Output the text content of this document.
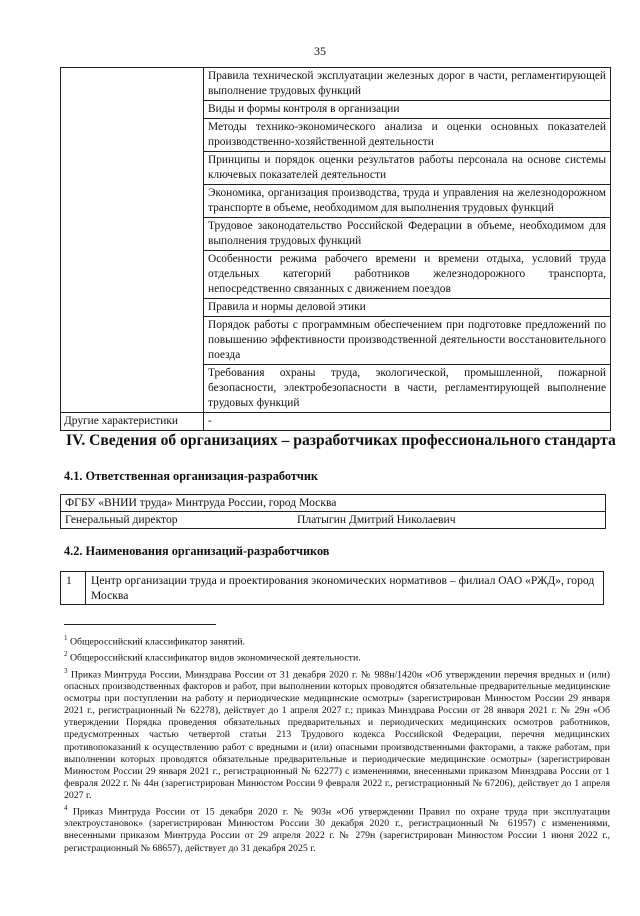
35
	Правила технической эксплуатации железных дорог в части, регламентирующей выполнение трудовых функций
	Виды и формы контроля в организации
	Методы технико-экономического анализа и оценки основных показателей производственно-хозяйственной деятельности
	Принципы и порядок оценки результатов работы персонала на основе системы ключевых показателей деятельности
	Экономика, организация производства, труда и управления на железнодорожном транспорте в объеме, необходимом для выполнения трудовых функций
	Трудовое законодательство Российской Федерации в объеме, необходимом для выполнения трудовых функций
	Особенности режима рабочего времени и времени отдыха, условий труда отдельных категорий работников железнодорожного транспорта, непосредственно связанных с движением поездов
	Правила и нормы деловой этики
	Порядок работы с программным обеспечением при подготовке предложений по повышению эффективности производственной деятельности восстановительного поезда
	Требования охраны труда, экологической, промышленной, пожарной безопасности, электробезопасности в части, регламентирующей выполнение трудовых функций
Другие характеристики	-
IV. Сведения об организациях – разработчиках профессионального стандарта
4.1. Ответственная организация-разработчик
ФГБУ «ВНИИ труда» Минтруда России, город Москва
Генеральный директор	Платыгин Дмитрий Николаевич
4.2. Наименования организаций-разработчиков
1	Центр организации труда и проектирования экономических нормативов – филиал ОАО «РЖД», город Москва

$^1$ Общероссийский классификатор занятий.

$^2$ Общероссийский классификатор видов экономической деятельности.

$^3$ Приказ Минтруда России, Минздрава России от 31 декабря 2020 г. № 988н/1420н «Об утверждении перечня вредных и (или) опасных производственных факторов и работ, при выполнении которых проводятся обязательные предварительные медицинские осмотры при поступлении на работу и периодические медицинские осмотры» (зарегистрирован Минюстом России 29 января 2021 г., регистрационный № 62278), действует до 1 апреля 2027 г.; приказ Минздрава России от 28 января 2021 г. № 29н «Об утверждении Порядка проведения обязательных предварительных и периодических медицинских осмотров работников, предусмотренных частью четвертой статьи 213 Трудового кодекса Российской Федерации, перечня медицинских противопоказаний к осуществлению работ с вредными и (или) опасными производственными факторами, а также работам, при выполнении которых проводятся обязательные предварительные и периодические медицинские осмотры» (зарегистрирован Минюстом России 29 января 2021 г., регистрационный № 62277) с изменениями, внесенными приказом Минздрава России от 1 февраля 2022 г. № 44н (зарегистрирован Минюстом России 9 февраля 2022 г., регистрационный № 67206), действует до 1 апреля 2027 г.

$^4$ Приказ Минтруда России от 15 декабря 2020 г. № 903н «Об утверждении Правил по охране труда при эксплуатации электроустановок» (зарегистрирован Минюстом России 30 декабря 2020 г., регистрационный № 61957) с изменениями, внесенными приказом Минтруда России от 29 апреля 2022 г. № 279н (зарегистрирован Минюстом России 1 июня 2022 г., регистрационный № 68657), действует до 31 декабря 2025 г.
